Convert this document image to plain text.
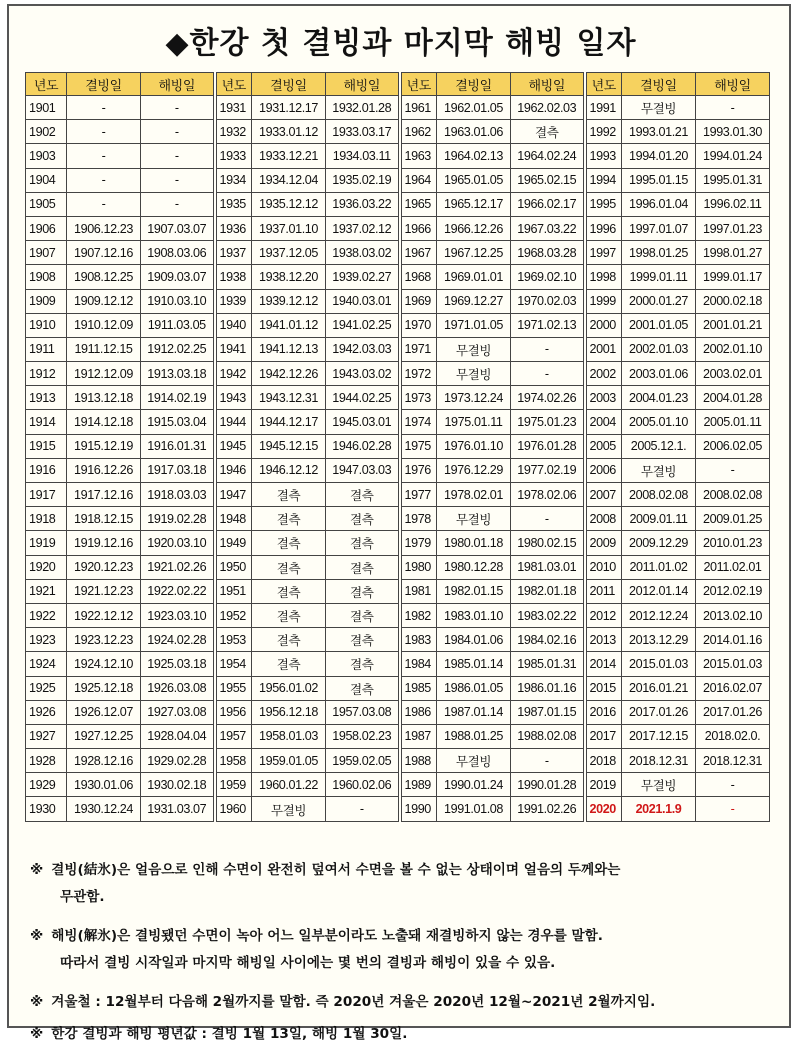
◆한강 첫 결빙과 마지막 해빙 일자
년도	결빙일	해빙일	년도	결빙일	해빙일	년도	결빙일	해빙일	년도	결빙일	해빙일
1901	-	-	1931	1931.12.17	1932.01.28	1961	1962.01.05	1962.02.03	1991	무결빙	-
1902	-	-	1932	1933.01.12	1933.03.17	1962	1963.01.06	결측	1992	1993.01.21	1993.01.30
1903	-	-	1933	1933.12.21	1934.03.11	1963	1964.02.13	1964.02.24	1993	1994.01.20	1994.01.24
1904	-	-	1934	1934.12.04	1935.02.19	1964	1965.01.05	1965.02.15	1994	1995.01.15	1995.01.31
1905	-	-	1935	1935.12.12	1936.03.22	1965	1965.12.17	1966.02.17	1995	1996.01.04	1996.02.11
1906	1906.12.23	1907.03.07	1936	1937.01.10	1937.02.12	1966	1966.12.26	1967.03.22	1996	1997.01.07	1997.01.23
1907	1907.12.16	1908.03.06	1937	1937.12.05	1938.03.02	1967	1967.12.25	1968.03.28	1997	1998.01.25	1998.01.27
1908	1908.12.25	1909.03.07	1938	1938.12.20	1939.02.27	1968	1969.01.01	1969.02.10	1998	1999.01.11	1999.01.17
1909	1909.12.12	1910.03.10	1939	1939.12.12	1940.03.01	1969	1969.12.27	1970.02.03	1999	2000.01.27	2000.02.18
1910	1910.12.09	1911.03.05	1940	1941.01.12	1941.02.25	1970	1971.01.05	1971.02.13	2000	2001.01.05	2001.01.21
1911	1911.12.15	1912.02.25	1941	1941.12.13	1942.03.03	1971	무결빙	-	2001	2002.01.03	2002.01.10
1912	1912.12.09	1913.03.18	1942	1942.12.26	1943.03.02	1972	무결빙	-	2002	2003.01.06	2003.02.01
1913	1913.12.18	1914.02.19	1943	1943.12.31	1944.02.25	1973	1973.12.24	1974.02.26	2003	2004.01.23	2004.01.28
1914	1914.12.18	1915.03.04	1944	1944.12.17	1945.03.01	1974	1975.01.11	1975.01.23	2004	2005.01.10	2005.01.11
1915	1915.12.19	1916.01.31	1945	1945.12.15	1946.02.28	1975	1976.01.10	1976.01.28	2005	2005.12.1.	2006.02.05
1916	1916.12.26	1917.03.18	1946	1946.12.12	1947.03.03	1976	1976.12.29	1977.02.19	2006	무결빙	-
1917	1917.12.16	1918.03.03	1947	결측	결측	1977	1978.02.01	1978.02.06	2007	2008.02.08	2008.02.08
1918	1918.12.15	1919.02.28	1948	결측	결측	1978	무결빙	-	2008	2009.01.11	2009.01.25
1919	1919.12.16	1920.03.10	1949	결측	결측	1979	1980.01.18	1980.02.15	2009	2009.12.29	2010.01.23
1920	1920.12.23	1921.02.26	1950	결측	결측	1980	1980.12.28	1981.03.01	2010	2011.01.02	2011.02.01
1921	1921.12.23	1922.02.22	1951	결측	결측	1981	1982.01.15	1982.01.18	2011	2012.01.14	2012.02.19
1922	1922.12.12	1923.03.10	1952	결측	결측	1982	1983.01.10	1983.02.22	2012	2012.12.24	2013.02.10
1923	1923.12.23	1924.02.28	1953	결측	결측	1983	1984.01.06	1984.02.16	2013	2013.12.29	2014.01.16
1924	1924.12.10	1925.03.18	1954	결측	결측	1984	1985.01.14	1985.01.31	2014	2015.01.03	2015.01.03
1925	1925.12.18	1926.03.08	1955	1956.01.02	결측	1985	1986.01.05	1986.01.16	2015	2016.01.21	2016.02.07
1926	1926.12.07	1927.03.08	1956	1956.12.18	1957.03.08	1986	1987.01.14	1987.01.15	2016	2017.01.26	2017.01.26
1927	1927.12.25	1928.04.04	1957	1958.01.03	1958.02.23	1987	1988.01.25	1988.02.08	2017	2017.12.15	2018.02.0.
1928	1928.12.16	1929.02.28	1958	1959.01.05	1959.02.05	1988	무결빙	-	2018	2018.12.31	2018.12.31
1929	1930.01.06	1930.02.18	1959	1960.01.22	1960.02.06	1989	1990.01.24	1990.01.28	2019	무결빙	-
1930	1930.12.24	1931.03.07	1960	무결빙	-	1990	1991.01.08	1991.02.26	2020	2021.1.9	-
※ 결빙(結氷)은 얼음으로 인해 수면이 완전히 덮여서 수면을 볼 수 없는 상태이며 얼음의 두께와는
무관함.
※ 해빙(解氷)은 결빙됐던 수면이 녹아 어느 일부분이라도 노출돼 재결빙하지 않는 경우를 말함.
따라서 결빙 시작일과 마지막 해빙일 사이에는 몇 번의 결빙과 해빙이 있을 수 있음.
※ 겨울철 : 12월부터 다음해 2월까지를 말함. 즉 2020년 겨울은 2020년 12월~2021년 2월까지임.
※ 한강 결빙과 해빙 평년값 : 결빙 1월 13일, 해빙 1월 30일.
